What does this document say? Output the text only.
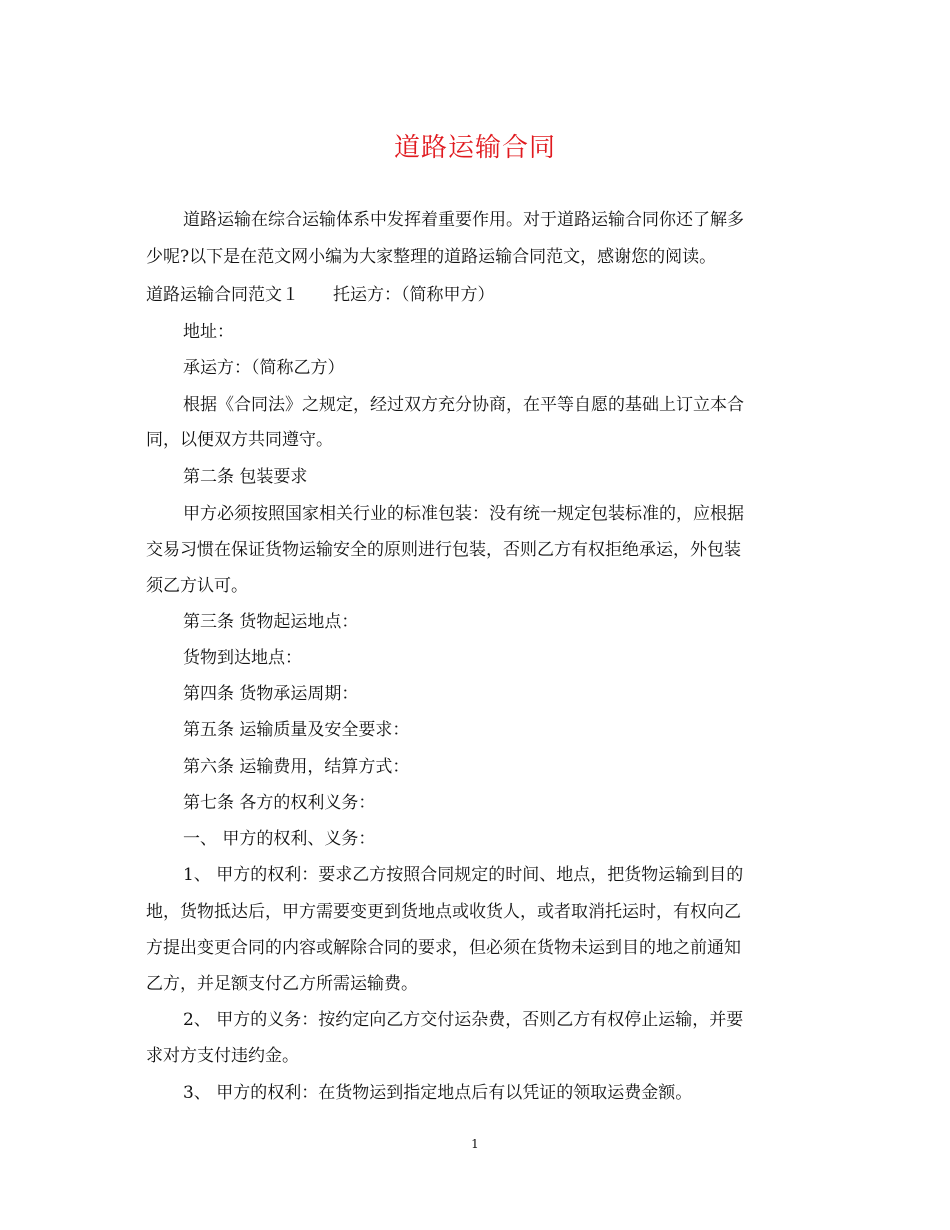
道路运输合同
道路运输在综合运输体系中发挥着重要作用。对于道路运输合同你还了解多
少呢?以下是在范文网小编为大家整理的道路运输合同范文，感谢您的阅读。
道路运输合同范文１　　托运方：（简称甲方）
地址：
承运方：（简称乙方）
根据《合同法》之规定，经过双方充分协商，在平等自愿的基础上订立本合
同，以便双方共同遵守。
第二条 包装要求
甲方必须按照国家相关行业的标准包装：没有统一规定包装标准的，应根据
交易习惯在保证货物运输安全的原则进行包装，否则乙方有权拒绝承运，外包装
须乙方认可。
第三条 货物起运地点：
货物到达地点：
第四条 货物承运周期：
第五条 运输质量及安全要求：
第六条 运输费用，结算方式：
第七条 各方的权利义务：
一、 甲方的权利、义务：
1、 甲方的权利：要求乙方按照合同规定的时间、地点，把货物运输到目的
地，货物抵达后，甲方需要变更到货地点或收货人，或者取消托运时，有权向乙
方提出变更合同的内容或解除合同的要求，但必须在货物未运到目的地之前通知
乙方，并足额支付乙方所需运输费。
2、 甲方的义务：按约定向乙方交付运杂费，否则乙方有权停止运输，并要
求对方支付违约金。
3、 甲方的权利：在货物运到指定地点后有以凭证的领取运费金额。
1
